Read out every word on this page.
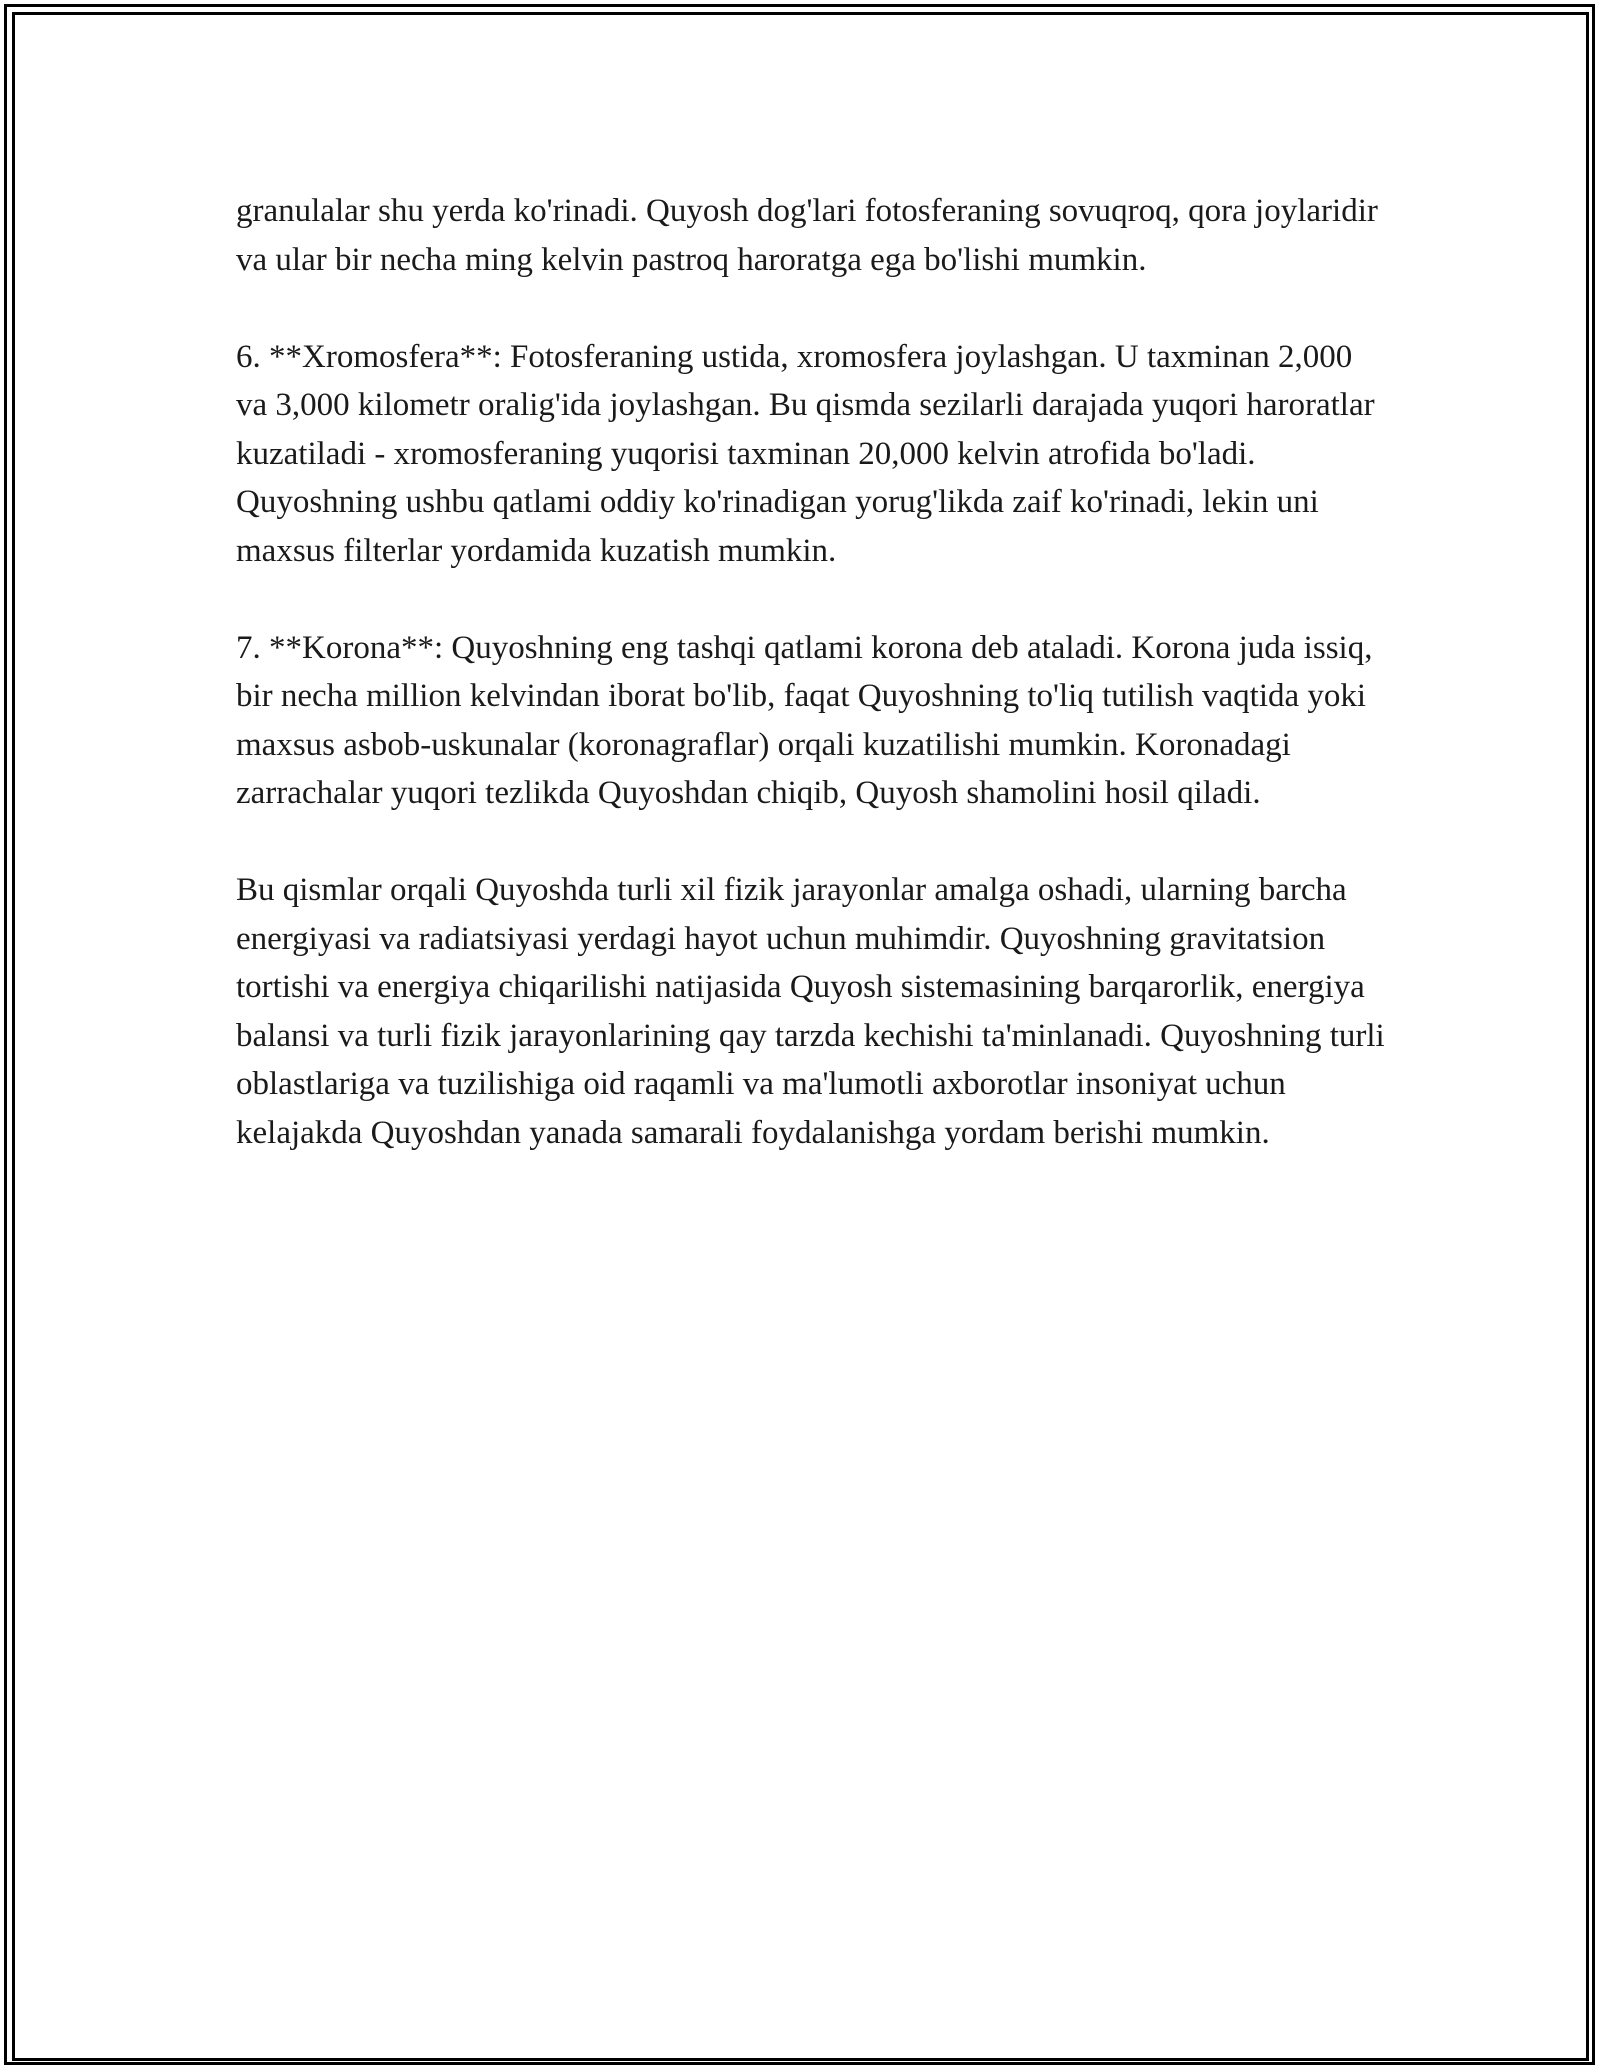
granulalar shu yerda ko'rinadi. Quyosh dog'lari fotosferaning sovuqroq, qora joylaridir va ular bir necha ming kelvin pastroq haroratga ega bo'lishi mumkin.

6. **Xromosfera**: Fotosferaning ustida, xromosfera joylashgan. U taxminan 2,000 va 3,000 kilometr oralig'ida joylashgan. Bu qismda sezilarli darajada yuqori haroratlar kuzatiladi - xromosferaning yuqorisi taxminan 20,000 kelvin atrofida bo'ladi. Quyoshning ushbu qatlami oddiy ko'rinadigan yorug'likda zaif ko'rinadi, lekin uni maxsus filterlar yordamida kuzatish mumkin.

7. **Korona**: Quyoshning eng tashqi qatlami korona deb ataladi. Korona juda issiq, bir necha million kelvindan iborat bo'lib, faqat Quyoshning to'liq tutilish vaqtida yoki maxsus asbob-uskunalar (koronagraflar) orqali kuzatilishi mumkin. Koronadagi zarrachalar yuqori tezlikda Quyoshdan chiqib, Quyosh shamolini hosil qiladi.

Bu qismlar orqali Quyoshda turli xil fizik jarayonlar amalga oshadi, ularning barcha energiyasi va radiatsiyasi yerdagi hayot uchun muhimdir. Quyoshning gravitatsion tortishi va energiya chiqarilishi natijasida Quyosh sistemasining barqarorlik, energiya balansi va turli fizik jarayonlarining qay tarzda kechishi ta'minlanadi. Quyoshning turli oblastlariga va tuzilishiga oid raqamli va ma'lumotli axborotlar insoniyat uchun kelajakda Quyoshdan yanada samarali foydalanishga yordam berishi mumkin.
